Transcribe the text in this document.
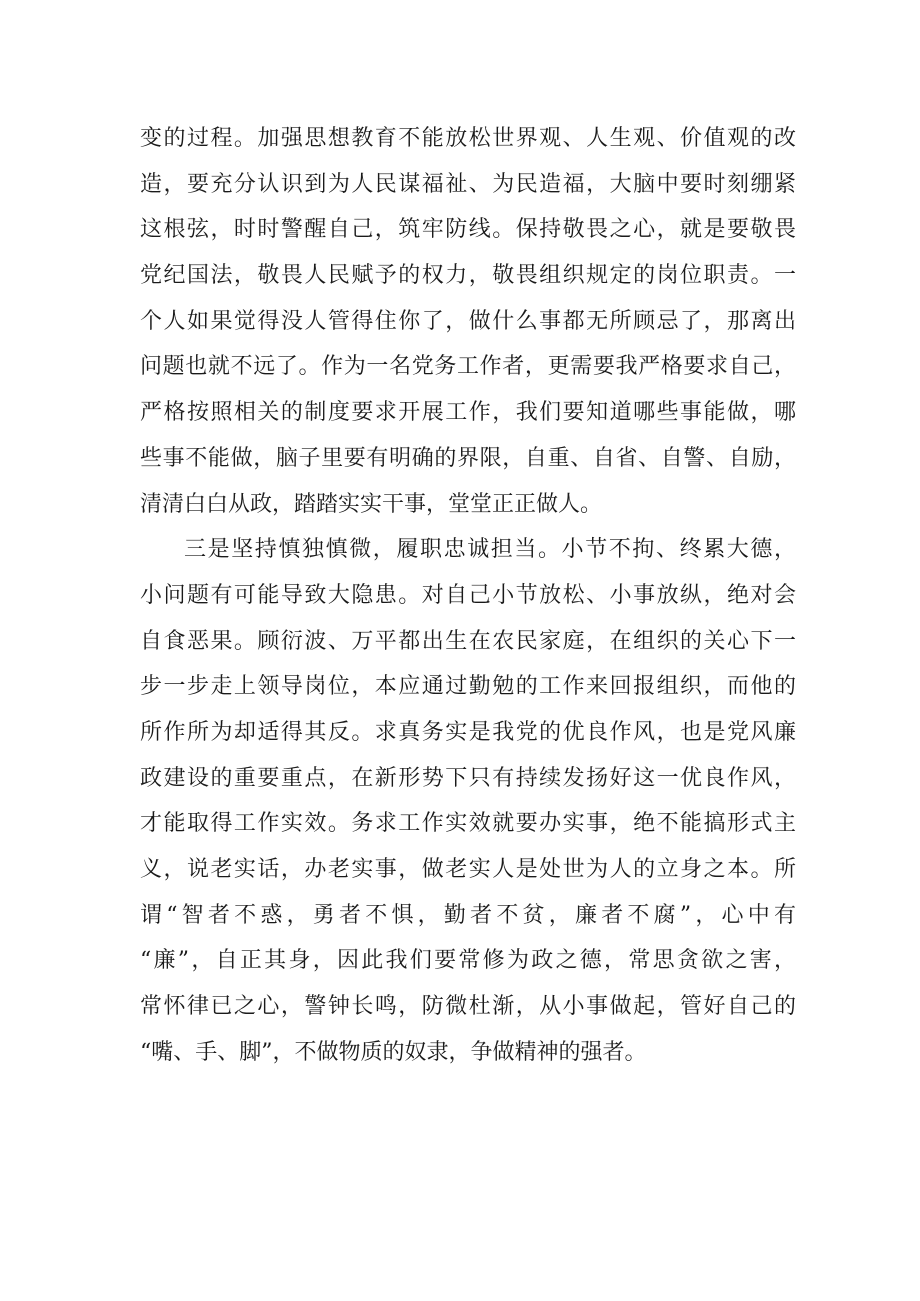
变的过程。加强思想教育不能放松世界观、人生观、价值观的改
造，要充分认识到为人民谋福祉、为民造福，大脑中要时刻绷紧
这根弦，时时警醒自己，筑牢防线。保持敬畏之心，就是要敬畏
党纪国法，敬畏人民赋予的权力，敬畏组织规定的岗位职责。一
个人如果觉得没人管得住你了，做什么事都无所顾忌了，那离出
问题也就不远了。作为一名党务工作者，更需要我严格要求自己，
严格按照相关的制度要求开展工作，我们要知道哪些事能做，哪
些事不能做，脑子里要有明确的界限，自重、自省、自警、自励，
清清白白从政，踏踏实实干事，堂堂正正做人。
三是坚持慎独慎微，履职忠诚担当。小节不拘、终累大德，
小问题有可能导致大隐患。对自己小节放松、小事放纵，绝对会
自食恶果。顾衍波、万平都出生在农民家庭，在组织的关心下一
步一步走上领导岗位，本应通过勤勉的工作来回报组织，而他的
所作所为却适得其反。求真务实是我党的优良作风，也是党风廉
政建设的重要重点，在新形势下只有持续发扬好这一优良作风，
才能取得工作实效。务求工作实效就要办实事，绝不能搞形式主
义，说老实话，办老实事，做老实人是处世为人的立身之本。所
谓“智者不惑，勇者不惧，勤者不贫，廉者不腐”，心中有
“廉”，自正其身，因此我们要常修为政之德，常思贪欲之害，
常怀律已之心，警钟长鸣，防微杜渐，从小事做起，管好自己的
“嘴、手、脚”，不做物质的奴隶，争做精神的强者。
